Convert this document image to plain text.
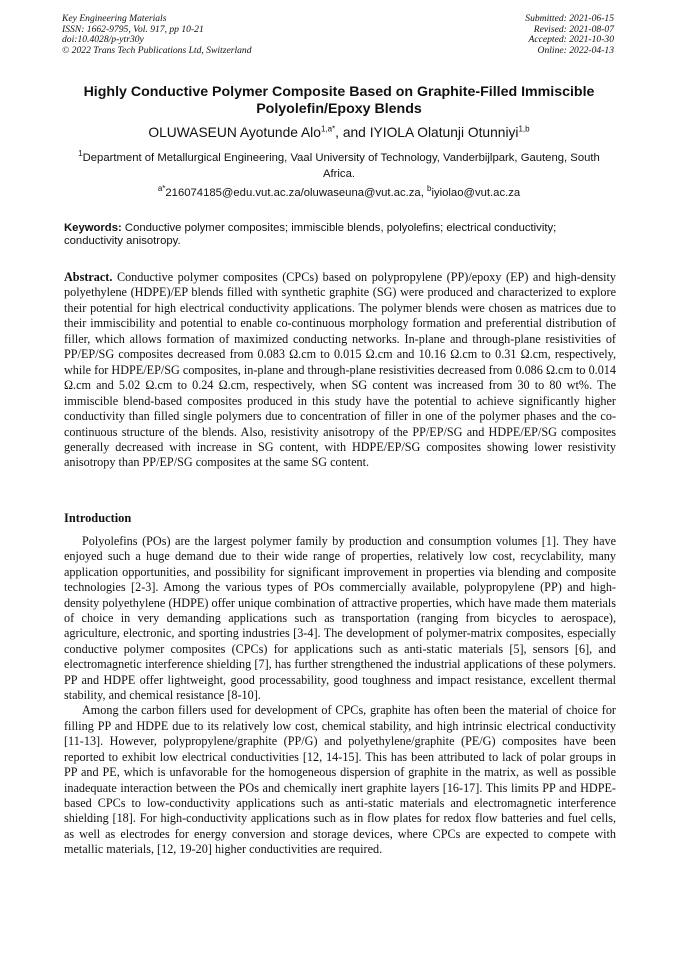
Key Engineering Materials
ISSN: 1662-9795, Vol. 917, pp 10-21
doi:10.4028/p-ytr30y
© 2022 Trans Tech Publications Ltd, Switzerland
Submitted: 2021-06-15
Revised: 2021-08-07
Accepted: 2021-10-30
Online: 2022-04-13
Highly Conductive Polymer Composite Based on Graphite-Filled Immiscible Polyolefin/Epoxy Blends
OLUWASEUN Ayotunde Alo$^{1,a*}$, and IYIOLA Olatunji Otunniyi$^{1,b}$
$^1$Department of Metallurgical Engineering, Vaal University of Technology, Vanderbijlpark, Gauteng, South Africa.
$^{a*}$216074185@edu.vut.ac.za/oluwaseuna@vut.ac.za, $^b$iyiolao@vut.ac.za
Keywords: Conductive polymer composites; immiscible blends, polyolefins; electrical conductivity; conductivity anisotropy.
Abstract. Conductive polymer composites (CPCs) based on polypropylene (PP)/epoxy (EP) and high-density polyethylene (HDPE)/EP blends filled with synthetic graphite (SG) were produced and characterized to explore their potential for high electrical conductivity applications. The polymer blends were chosen as matrices due to their immiscibility and potential to enable co-continuous morphology formation and preferential distribution of filler, which allows formation of maximized conducting networks. In-plane and through-plane resistivities of PP/EP/SG composites decreased from 0.083 Ω.cm to 0.015 Ω.cm and 10.16 Ω.cm to 0.31 Ω.cm, respectively, while for HDPE/EP/SG composites, in-plane and through-plane resistivities decreased from 0.086 Ω.cm to 0.014 Ω.cm and 5.02 Ω.cm to 0.24 Ω.cm, respectively, when SG content was increased from 30 to 80 wt%. The immiscible blend-based composites produced in this study have the potential to achieve significantly higher conductivity than filled single polymers due to concentration of filler in one of the polymer phases and the co-continuous structure of the blends. Also, resistivity anisotropy of the PP/EP/SG and HDPE/EP/SG composites generally decreased with increase in SG content, with HDPE/EP/SG composites showing lower resistivity anisotropy than PP/EP/SG composites at the same SG content.
Introduction

Polyolefins (POs) are the largest polymer family by production and consumption volumes [1]. They have enjoyed such a huge demand due to their wide range of properties, relatively low cost, recyclability, many application opportunities, and possibility for significant improvement in properties via blending and composite technologies [2-3]. Among the various types of POs commercially available, polypropylene (PP) and high-density polyethylene (HDPE) offer unique combination of attractive properties, which have made them materials of choice in very demanding applications such as transportation (ranging from bicycles to aerospace), agriculture, electronic, and sporting industries [3-4]. The development of polymer-matrix composites, especially conductive polymer composites (CPCs) for applications such as anti-static materials [5], sensors [6], and electromagnetic interference shielding [7], has further strengthened the industrial applications of these polymers. PP and HDPE offer lightweight, good processability, good toughness and impact resistance, excellent thermal stability, and chemical resistance [8-10].

Among the carbon fillers used for development of CPCs, graphite has often been the material of choice for filling PP and HDPE due to its relatively low cost, chemical stability, and high intrinsic electrical conductivity [11-13]. However, polypropylene/graphite (PP/G) and polyethylene/graphite (PE/G) composites have been reported to exhibit low electrical conductivities [12, 14-15]. This has been attributed to lack of polar groups in PP and PE, which is unfavorable for the homogeneous dispersion of graphite in the matrix, as well as possible inadequate interaction between the POs and chemically inert graphite layers [16-17]. This limits PP and HDPE-based CPCs to low-conductivity applications such as anti-static materials and electromagnetic interference shielding [18]. For high-conductivity applications such as in flow plates for redox flow batteries and fuel cells, as well as electrodes for energy conversion and storage devices, where CPCs are expected to compete with metallic materials, [12, 19-20] higher conductivities are required.
